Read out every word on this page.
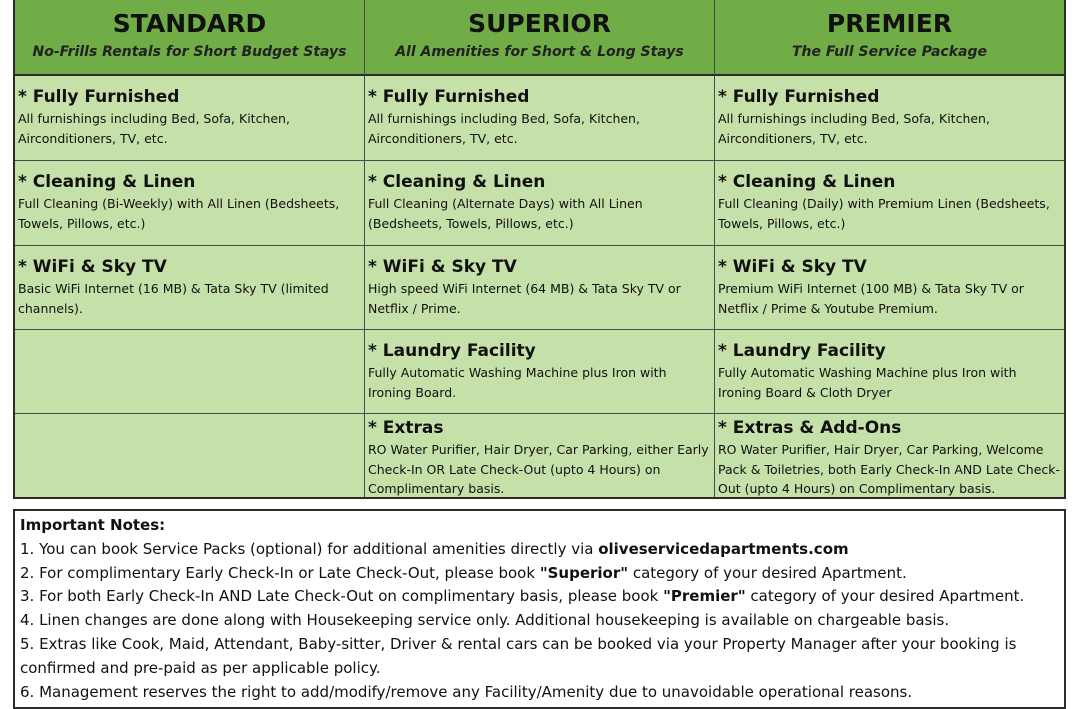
STANDARD
No-Frills Rentals for Short Budget Stays
SUPERIOR
All Amenities for Short & Long Stays
PREMIER
The Full Service Package
* Fully Furnished
All furnishings including Bed, Sofa, Kitchen, Airconditioners, TV, etc.
* Fully Furnished
All furnishings including Bed, Sofa, Kitchen, Airconditioners, TV, etc.
* Fully Furnished
All furnishings including Bed, Sofa, Kitchen, Airconditioners, TV, etc.
* Cleaning & Linen
Full Cleaning (Bi-Weekly) with All Linen (Bedsheets, Towels, Pillows, etc.)
* Cleaning & Linen
Full Cleaning (Alternate Days) with All Linen (Bedsheets, Towels, Pillows, etc.)
* Cleaning & Linen
Full Cleaning (Daily) with Premium Linen (Bedsheets, Towels, Pillows, etc.)
* WiFi & Sky TV
Basic WiFi Internet (16 MB) & Tata Sky TV (limited channels).
* WiFi & Sky TV
High speed WiFi Internet (64 MB) & Tata Sky TV or Netflix / Prime.
* WiFi & Sky TV
Premium WiFi Internet (100 MB) & Tata Sky TV or Netflix / Prime & Youtube Premium.
* Laundry Facility
Fully Automatic Washing Machine plus Iron with Ironing Board.
* Laundry Facility
Fully Automatic Washing Machine plus Iron with Ironing Board & Cloth Dryer
* Extras
RO Water Purifier, Hair Dryer, Car Parking, either Early Check-In OR Late Check-Out (upto 4 Hours) on Complimentary basis.
* Extras & Add-Ons
RO Water Purifier, Hair Dryer, Car Parking, Welcome Pack & Toiletries, both Early Check-In AND Late Check-Out (upto 4 Hours) on Complimentary basis.
Important Notes:
1. You can book Service Packs (optional) for additional amenities directly via oliveservicedapartments.com
2. For complimentary Early Check-In or Late Check-Out, please book "Superior" category of your desired Apartment.
3. For both Early Check-In AND Late Check-Out on complimentary basis, please book "Premier" category of your desired Apartment.
4. Linen changes are done along with Housekeeping service only. Additional housekeeping is available on chargeable basis.
5. Extras like Cook, Maid, Attendant, Baby-sitter, Driver & rental cars can be booked via your Property Manager after your booking is confirmed and pre-paid as per applicable policy.
6. Management reserves the right to add/modify/remove any Facility/Amenity due to unavoidable operational reasons.
